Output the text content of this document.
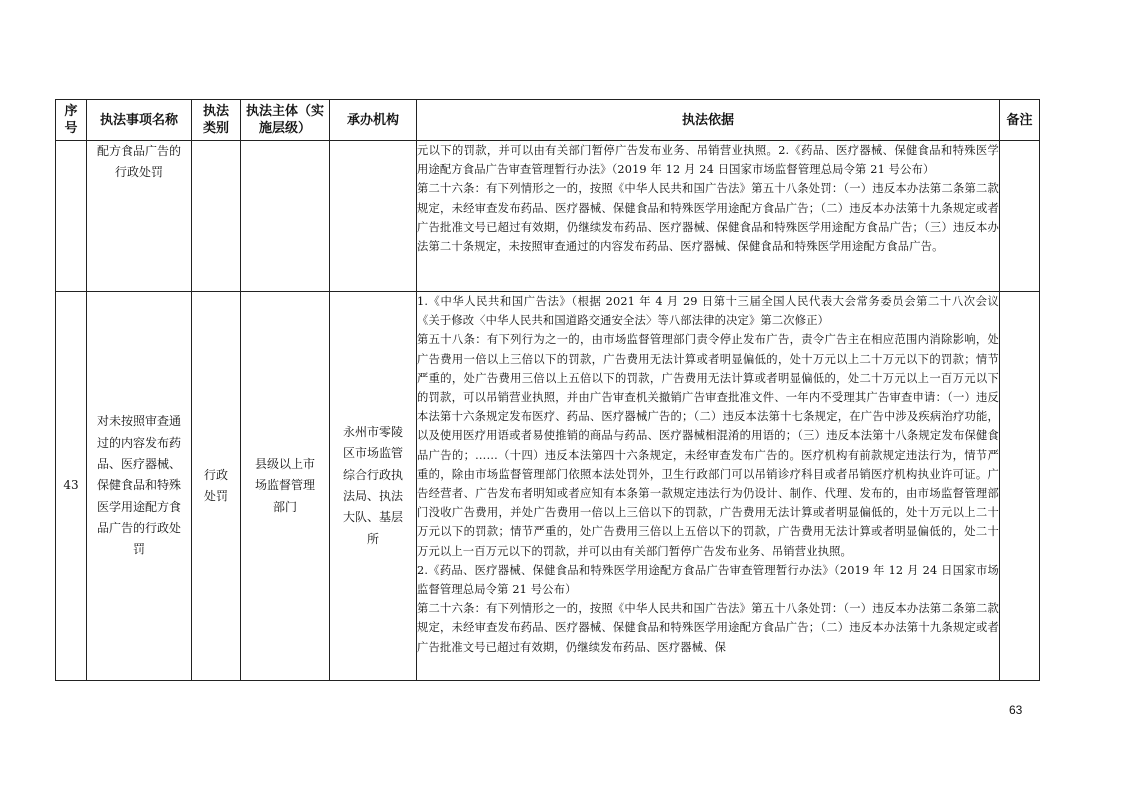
序号	执法事项名称	执法类别	执法主体（实施层级）	承办机构	执法依据	备注
	配方食品广告的行政处罚				元以下的罚款，并可以由有关部门暂停广告发布业务、吊销营业执照。2.《药品、医疗器械、保健食品和特殊医学用途配方食品广告审查管理暂行办法》（2019 年 12 月 24 日国家市场监督管理总局令第 21 号公布）

第二十六条：有下列情形之一的，按照《中华人民共和国广告法》第五十八条处罚：（一）违反本办法第二条第二款规定，未经审查发布药品、医疗器械、保健食品和特殊医学用途配方食品广告；（二）违反本办法第十九条规定或者广告批准文号已超过有效期，仍继续发布药品、医疗器械、保健食品和特殊医学用途配方食品广告；（三）违反本办法第二十条规定，未按照审查通过的内容发布药品、医疗器械、保健食品和特殊医学用途配方食品广告。	

43	对未按照审查通过的内容发布药品、医疗器械、保健食品和特殊医学用途配方食品广告的行政处罚	行政处罚	县级以上市场监督管理部门	永州市零陵区市场监管综合行政执法局、执法大队、基层所	1.《中华人民共和国广告法》（根据 2021 年 4 月 29 日第十三届全国人民代表大会常务委员会第二十八次会议《关于修改〈中华人民共和国道路交通安全法〉等八部法律的决定》第二次修正）

第五十八条：有下列行为之一的，由市场监督管理部门责令停止发布广告，责令广告主在相应范围内消除影响，处广告费用一倍以上三倍以下的罚款，广告费用无法计算或者明显偏低的，处十万元以上二十万元以下的罚款；情节严重的，处广告费用三倍以上五倍以下的罚款，广告费用无法计算或者明显偏低的，处二十万元以上一百万元以下的罚款，可以吊销营业执照，并由广告审查机关撤销广告审查批准文件、一年内不受理其广告审查申请：（一）违反本法第十六条规定发布医疗、药品、医疗器械广告的；（二）违反本法第十七条规定，在广告中涉及疾病治疗功能，以及使用医疗用语或者易使推销的商品与药品、医疗器械相混淆的用语的；（三）违反本法第十八条规定发布保健食品广告的；……（十四）违反本法第四十六条规定，未经审查发布广告的。医疗机构有前款规定违法行为，情节严重的，除由市场监督管理部门依照本法处罚外，卫生行政部门可以吊销诊疗科目或者吊销医疗机构执业许可证。广告经营者、广告发布者明知或者应知有本条第一款规定违法行为仍设计、制作、代理、发布的，由市场监督管理部门没收广告费用，并处广告费用一倍以上三倍以下的罚款，广告费用无法计算或者明显偏低的，处十万元以上二十万元以下的罚款；情节严重的，处广告费用三倍以上五倍以下的罚款，广告费用无法计算或者明显偏低的，处二十万元以上一百万元以下的罚款，并可以由有关部门暂停广告发布业务、吊销营业执照。

2.《药品、医疗器械、保健食品和特殊医学用途配方食品广告审查管理暂行办法》（2019 年 12 月 24 日国家市场监督管理总局令第 21 号公布）

第二十六条：有下列情形之一的，按照《中华人民共和国广告法》第五十八条处罚：（一）违反本办法第二条第二款规定，未经审查发布药品、医疗器械、保健食品和特殊医学用途配方食品广告；（二）违反本办法第十九条规定或者广告批准文号已超过有效期，仍继续发布药品、医疗器械、保	

63
